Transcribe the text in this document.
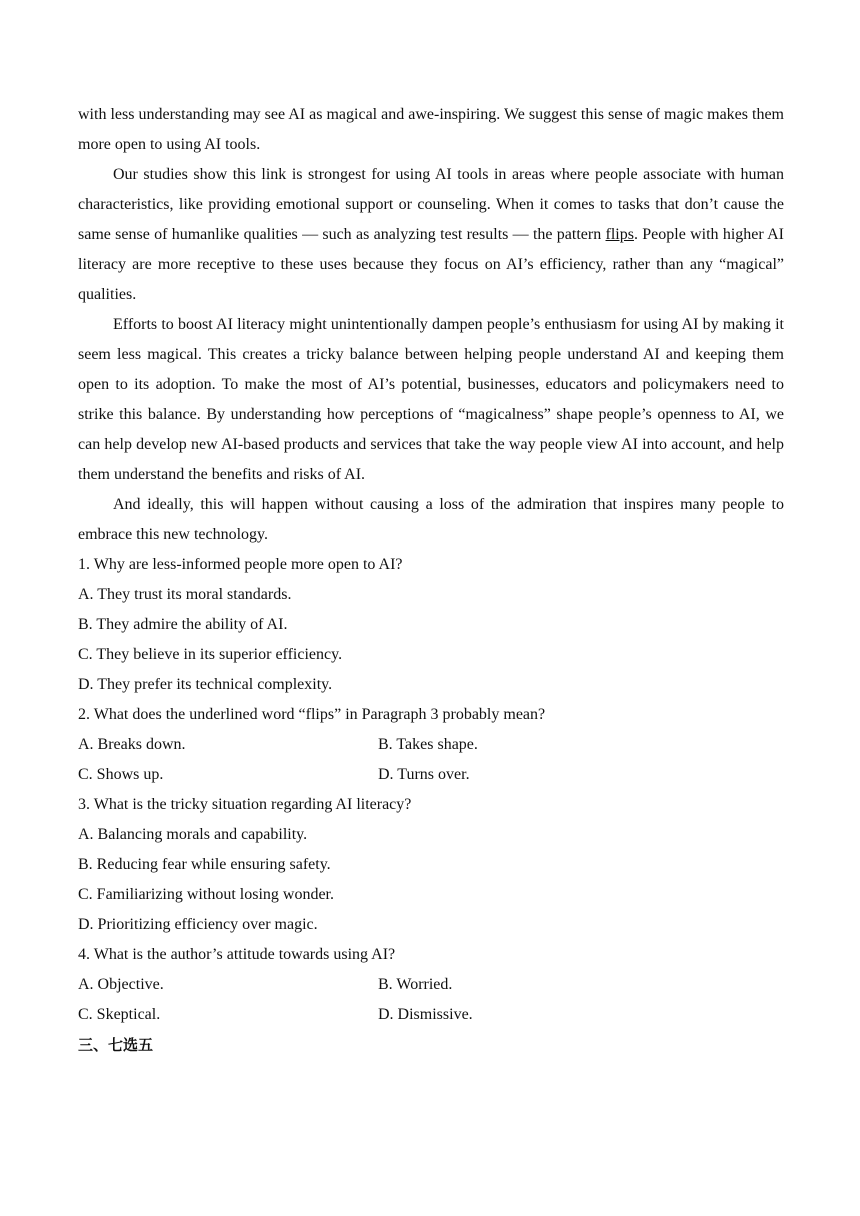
with less understanding may see AI as magical and awe-inspiring. We suggest this sense of magic makes them more open to using AI tools.

Our studies show this link is strongest for using AI tools in areas where people associate with human characteristics, like providing emotional support or counseling. When it comes to tasks that don’t cause the same sense of humanlike qualities — such as analyzing test results — the pattern flips. People with higher AI literacy are more receptive to these uses because they focus on AI’s efficiency, rather than any “magical” qualities.

Efforts to boost AI literacy might unintentionally dampen people’s enthusiasm for using AI by making it seem less magical. This creates a tricky balance between helping people understand AI and keeping them open to its adoption. To make the most of AI’s potential, businesses, educators and policymakers need to strike this balance. By understanding how perceptions of “magicalness” shape people’s openness to AI, we can help develop new AI-based products and services that take the way people view AI into account, and help them understand the benefits and risks of AI.

And ideally, this will happen without causing a loss of the admiration that inspires many people to embrace this new technology.

1. Why are less-informed people more open to AI?

A. They trust its moral standards.

B. They admire the ability of AI.

C. They believe in its superior efficiency.

D. They prefer its technical complexity.

2. What does the underlined word “flips” in Paragraph 3 probably mean?

A. Breaks down.	B. Takes shape.
C. Shows up.	D. Turns over.

3. What is the tricky situation regarding AI literacy?

A. Balancing morals and capability.

B. Reducing fear while ensuring safety.

C. Familiarizing without losing wonder.

D. Prioritizing efficiency over magic.

4. What is the author’s attitude towards using AI?

A. Objective.	B. Worried.
C. Skeptical.	D. Dismissive.

三、七选五
